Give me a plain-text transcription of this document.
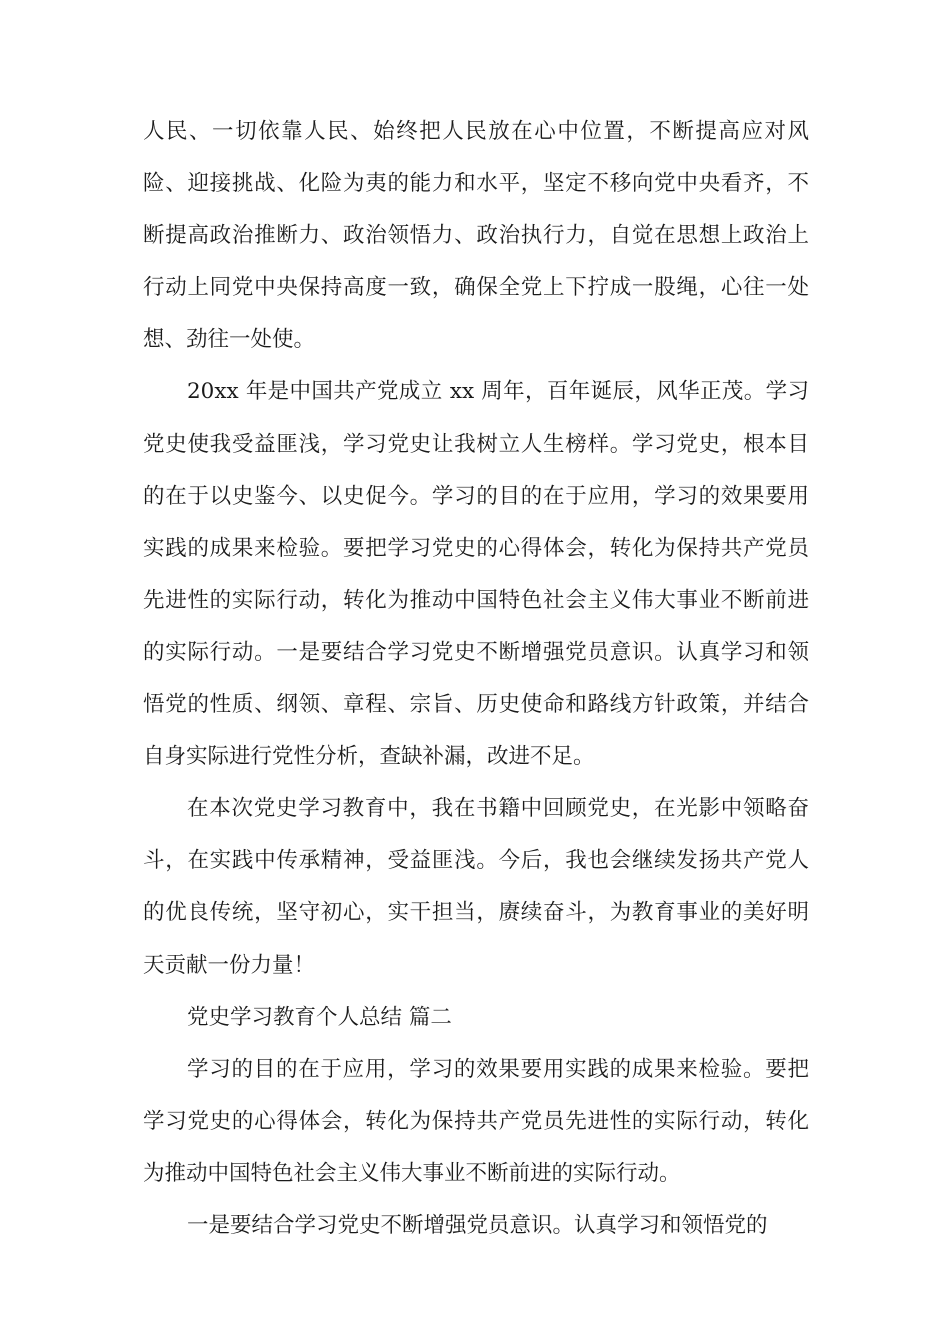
人民、一切依靠人民、始终把人民放在心中位置，不断提高应对风险、迎接挑战、化险为夷的能力和水平，坚定不移向党中央看齐，不断提高政治推断力、政治领悟力、政治执行力，自觉在思想上政治上行动上同党中央保持高度一致，确保全党上下拧成一股绳，心往一处想、劲往一处使。

20xx 年是中国共产党成立 xx 周年，百年诞辰，风华正茂。学习党史使我受益匪浅，学习党史让我树立人生榜样。学习党史，根本目的在于以史鉴今、以史促今。学习的目的在于应用，学习的效果要用实践的成果来检验。要把学习党史的心得体会，转化为保持共产党员先进性的实际行动，转化为推动中国特色社会主义伟大事业不断前进的实际行动。一是要结合学习党史不断增强党员意识。认真学习和领悟党的性质、纲领、章程、宗旨、历史使命和路线方针政策，并结合自身实际进行党性分析，查缺补漏，改进不足。

在本次党史学习教育中，我在书籍中回顾党史，在光影中领略奋斗，在实践中传承精神，受益匪浅。今后，我也会继续发扬共产党人的优良传统，坚守初心，实干担当，赓续奋斗，为教育事业的美好明天贡献一份力量！

党史学习教育个人总结 篇二

学习的目的在于应用，学习的效果要用实践的成果来检验。要把学习党史的心得体会，转化为保持共产党员先进性的实际行动，转化为推动中国特色社会主义伟大事业不断前进的实际行动。

一是要结合学习党史不断增强党员意识。认真学习和领悟党的
